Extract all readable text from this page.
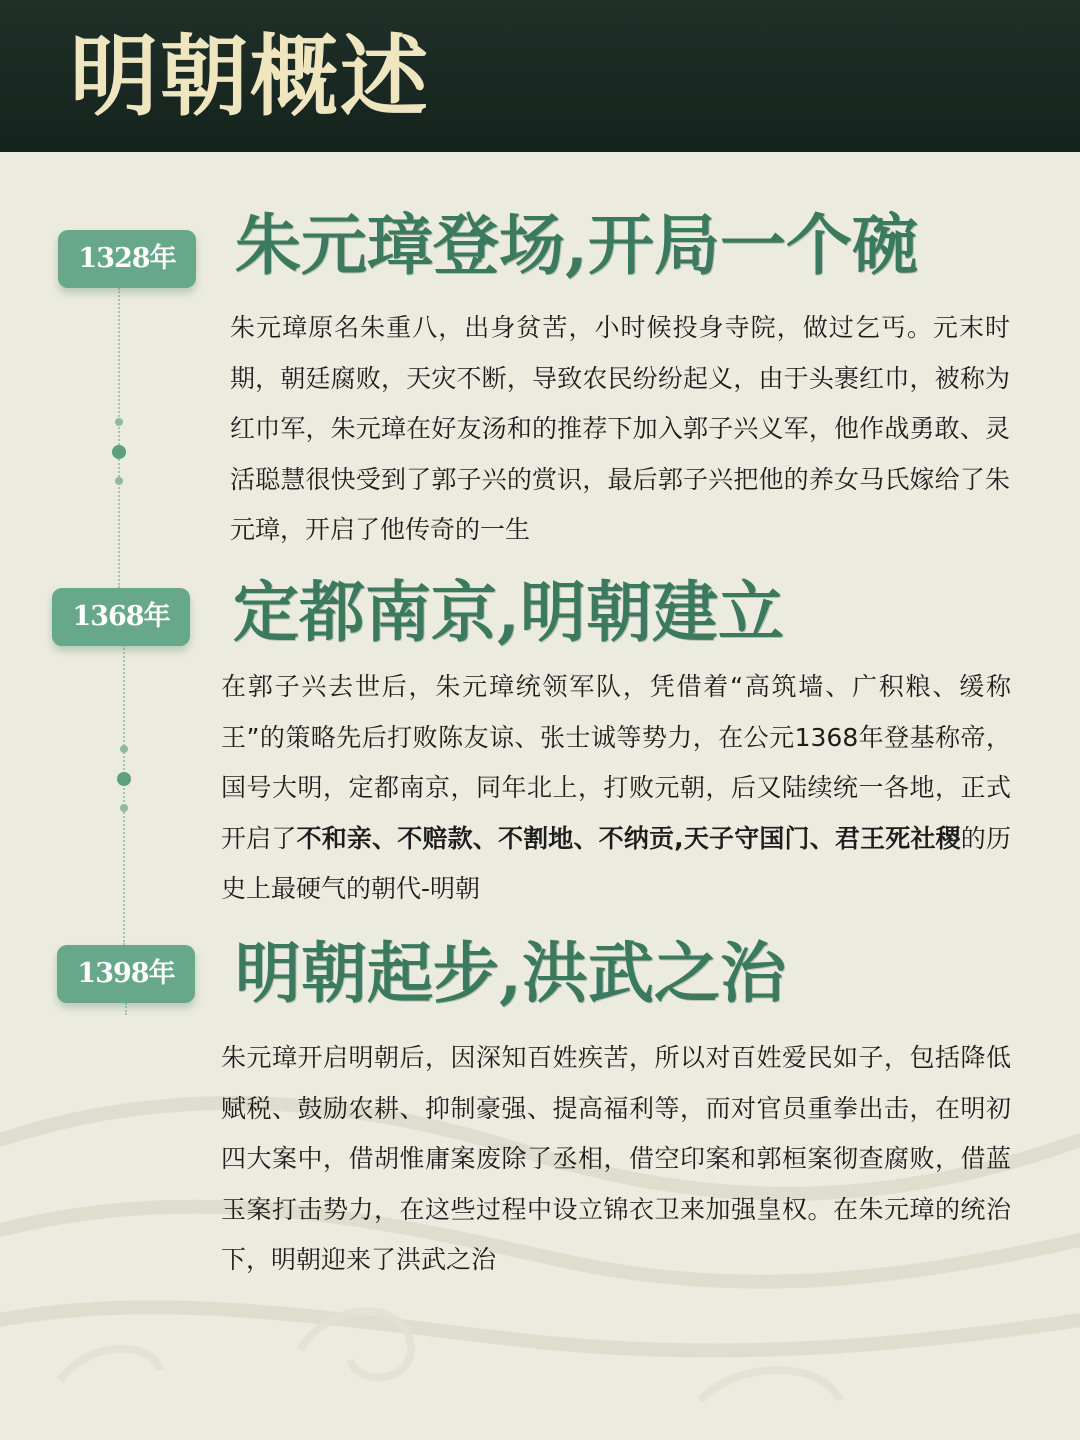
明朝概述
1328年 朱元璋登场,开局一个碗
朱元璋原名朱重八，出身贫苦，小时候投身寺院，做过乞丐。元末时期，朝廷腐败，天灾不断，导致农民纷纷起义，由于头裹红巾，被称为红巾军，朱元璋在好友汤和的推荐下加入郭子兴义军，他作战勇敢、灵活聪慧很快受到了郭子兴的赏识，最后郭子兴把他的养女马氏嫁给了朱元璋，开启了他传奇的一生
1368年 定都南京,明朝建立
在郭子兴去世后，朱元璋统领军队，凭借着“高筑墙、广积粮、缓称王”的策略先后打败陈友谅、张士诚等势力，在公元1368年登基称帝，国号大明，定都南京，同年北上，打败元朝，后又陆续统一各地，正式开启了不和亲、不赔款、不割地、不纳贡,天子守国门、君王死社稷的历史上最硬气的朝代-明朝
1398年 明朝起步,洪武之治
朱元璋开启明朝后，因深知百姓疾苦，所以对百姓爱民如子，包括降低赋税、鼓励农耕、抑制豪强、提高福利等，而对官员重拳出击，在明初四大案中，借胡惟庸案废除了丞相，借空印案和郭桓案彻查腐败，借蓝玉案打击势力，在这些过程中设立锦衣卫来加强皇权。在朱元璋的统治下，明朝迎来了洪武之治
